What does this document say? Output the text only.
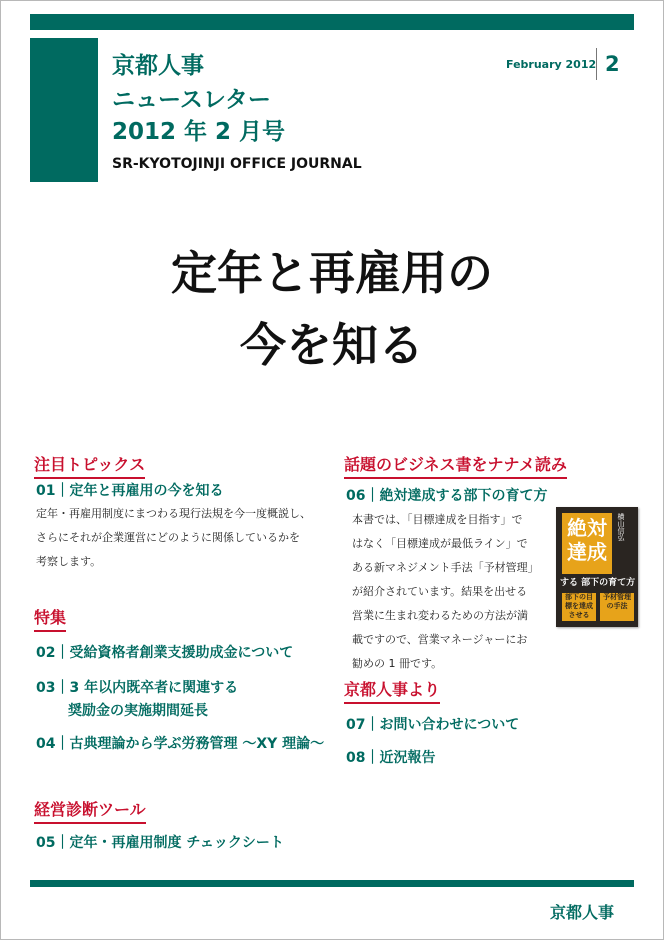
京都人事
ニュースレター
2012 年 2 月号
SR-KYOTOJINJI OFFICE JOURNAL
February 2012 2
定年と再雇用の
今を知る
注目トピックス
01｜定年と再雇用の今を知る
定年・再雇用制度にまつわる現行法規を今一度概説し、
さらにそれが企業運営にどのように関係しているかを
考察します。
特集
02｜受給資格者創業支援助成金について
03｜3 年以内既卒者に関連する
奨励金の実施期間延長
04｜古典理論から学ぶ労務管理 ～XY 理論～
経営診断ツール
05｜定年・再雇用制度 チェックシート
話題のビジネス書をナナメ読み
06｜絶対達成する部下の育て方
本書では、「目標達成を目指す」で
はなく「目標達成が最低ライン」で
ある新マネジメント手法「予材管理」
が紹介されています。結果を出せる
営業に生まれ変わるための方法が満
載ですので、営業マネージャーにお
勧めの 1 冊です。
絶対達成
横山信弘
する 部下の育て方
部下の目標を達成させる
予材管理の手法
京都人事より
07｜お問い合わせについて
08｜近況報告
京都人事
